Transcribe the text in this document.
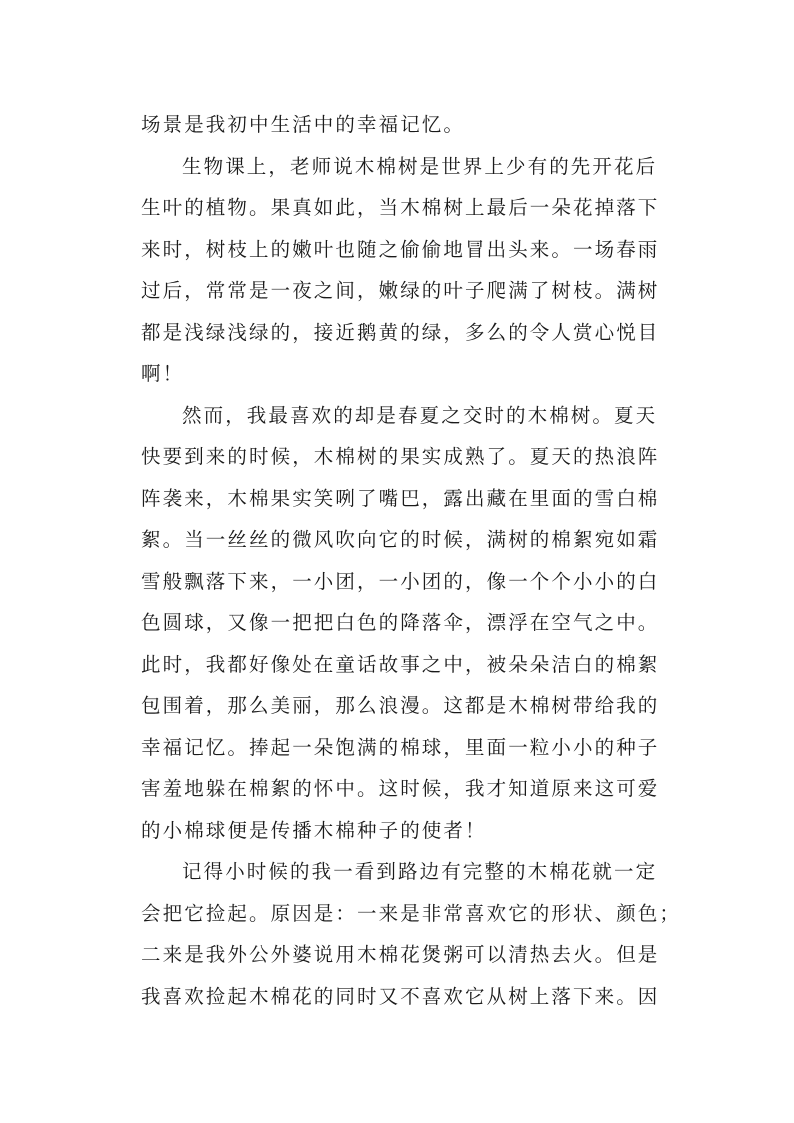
场景是我初中生活中的幸福记忆。
生物课上，老师说木棉树是世界上少有的先开花后
生叶的植物。果真如此，当木棉树上最后一朵花掉落下
来时，树枝上的嫩叶也随之偷偷地冒出头来。一场春雨
过后，常常是一夜之间，嫩绿的叶子爬满了树枝。满树
都是浅绿浅绿的，接近鹅黄的绿，多么的令人赏心悦目
啊！
然而，我最喜欢的却是春夏之交时的木棉树。夏天
快要到来的时候，木棉树的果实成熟了。夏天的热浪阵
阵袭来，木棉果实笑咧了嘴巴，露出藏在里面的雪白棉
絮。当一丝丝的微风吹向它的时候，满树的棉絮宛如霜
雪般飘落下来，一小团，一小团的，像一个个小小的白
色圆球，又像一把把白色的降落伞，漂浮在空气之中。
此时，我都好像处在童话故事之中，被朵朵洁白的棉絮
包围着，那么美丽，那么浪漫。这都是木棉树带给我的
幸福记忆。捧起一朵饱满的棉球，里面一粒小小的种子
害羞地躲在棉絮的怀中。这时候，我才知道原来这可爱
的小棉球便是传播木棉种子的使者！
记得小时候的我一看到路边有完整的木棉花就一定
会把它捡起。原因是：一来是非常喜欢它的形状、颜色；
二来是我外公外婆说用木棉花煲粥可以清热去火。但是
我喜欢捡起木棉花的同时又不喜欢它从树上落下来。因
